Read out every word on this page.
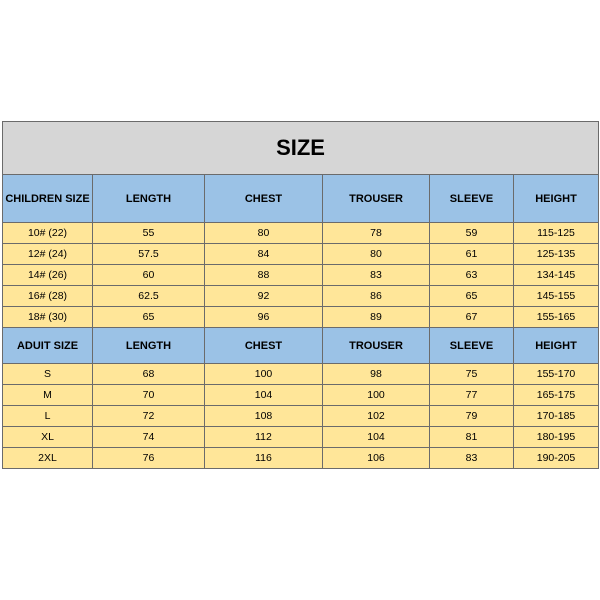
SIZE					
CHILDREN SIZE	LENGTH	CHEST	TROUSER	SLEEVE	HEIGHT
10# (22)	55	80	78	59	115-125
12# (24)	57.5	84	80	61	125-135
14# (26)	60	88	83	63	134-145
16# (28)	62.5	92	86	65	145-155
18# (30)	65	96	89	67	155-165
ADUIT SIZE	LENGTH	CHEST	TROUSER	SLEEVE	HEIGHT
S	68	100	98	75	155-170
M	70	104	100	77	165-175
L	72	108	102	79	170-185
XL	74	112	104	81	180-195
2XL	76	116	106	83	190-205
